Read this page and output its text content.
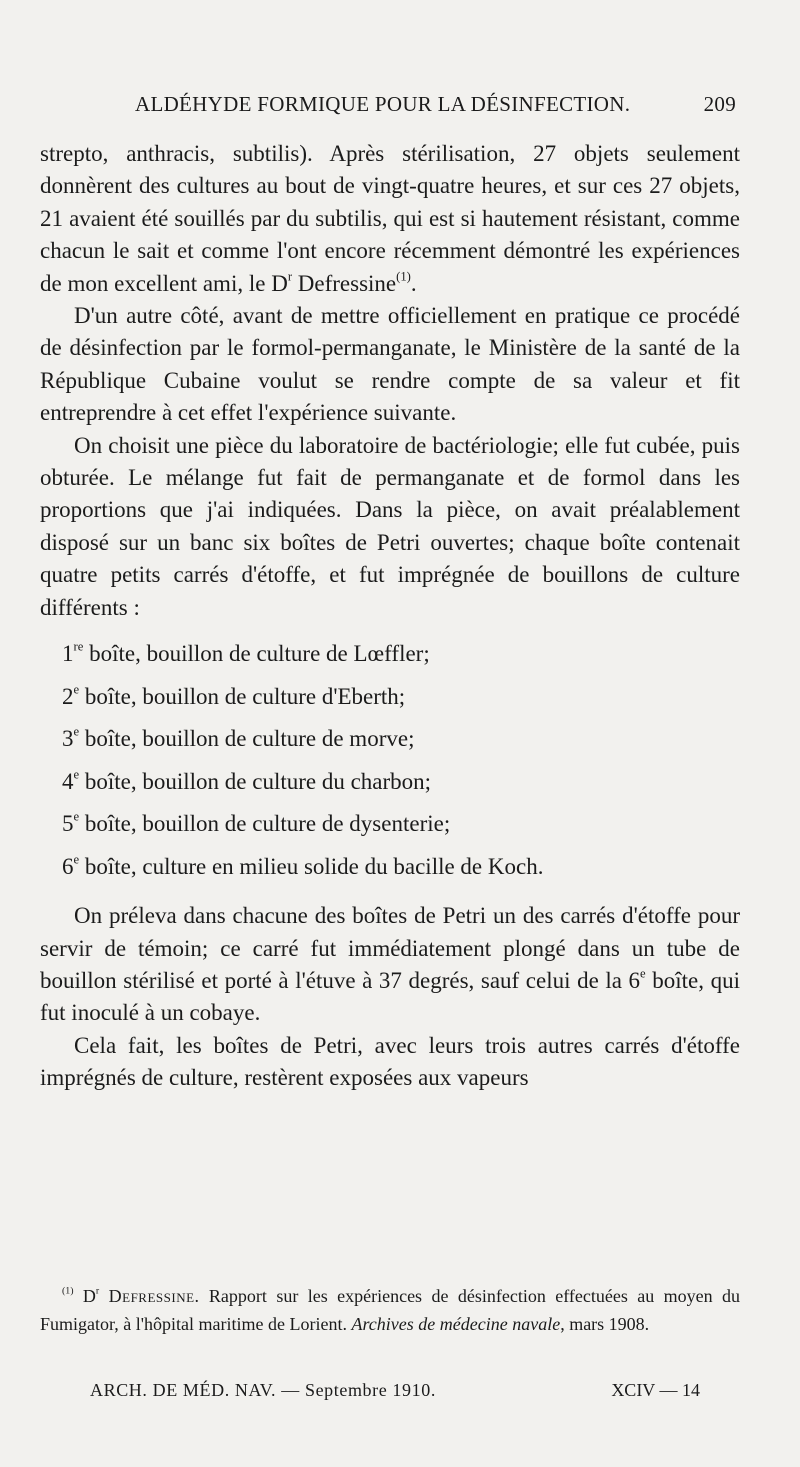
ALDÉHYDE FORMIQUE POUR LA DÉSINFECTION.	209

strepto, anthracis, subtilis). Après stérilisation, 27 objets seulement donnèrent des cultures au bout de vingt-quatre heures, et sur ces 27 objets, 21 avaient été souillés par du subtilis, qui est si hautement résistant, comme chacun le sait et comme l'ont encore récemment démontré les expériences de mon excellent ami, le $D^r$ Defressine$^{(1)}$.

D'un autre côté, avant de mettre officiellement en pratique ce procédé de désinfection par le formol-permanganate, le Ministère de la santé de la République Cubaine voulut se rendre compte de sa valeur et fit entreprendre à cet effet l'expérience suivante.

On choisit une pièce du laboratoire de bactériologie; elle fut cubée, puis obturée. Le mélange fut fait de permanganate et de formol dans les proportions que j'ai indiquées. Dans la pièce, on avait préalablement disposé sur un banc six boîtes de Petri ouvertes; chaque boîte contenait quatre petits carrés d'étoffe, et fut imprégnée de bouillons de culture différents :

1re boîte, bouillon de culture de Lœffler;
2e boîte, bouillon de culture d'Eberth;
3e boîte, bouillon de culture de morve;
4e boîte, bouillon de culture du charbon;
5e boîte, bouillon de culture de dysenterie;
6e boîte, culture en milieu solide du bacille de Koch.

On préleva dans chacune des boîtes de Petri un des carrés d'étoffe pour servir de témoin; ce carré fut immédiatement plongé dans un tube de bouillon stérilisé et porté à l'étuve à 37 degrés, sauf celui de la 6e boîte, qui fut inoculé à un cobaye.

Cela fait, les boîtes de Petri, avec leurs trois autres carrés d'étoffe imprégnés de culture, restèrent exposées aux vapeurs

$^{(1)}$ $D^r$ Defressine. Rapport sur les expériences de désinfection effectuées au moyen du Fumigator, à l'hôpital maritime de Lorient. Archives de médecine navale, mars 1908.
ARCH. DE MÉD. NAV. — Septembre 1910.	XCIV — 14
